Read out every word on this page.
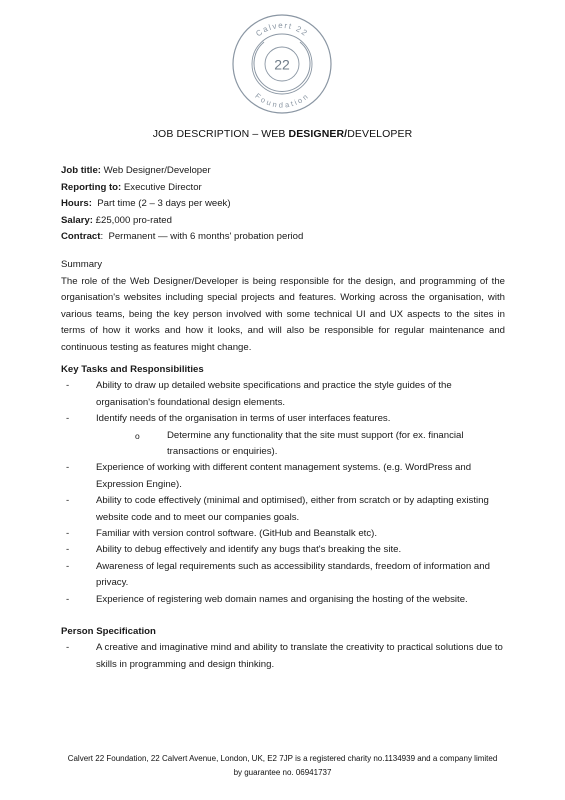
22
Calvert 22
Foundation
JOB DESCRIPTION – WEB DESIGNER/DEVELOPER
Job title: Web Designer/Developer
Reporting to: Executive Director
Hours:  Part time (2 – 3 days per week)
Salary: £25,000 pro-rated
Contract:  Permanent — with 6 months' probation period

Summary

The role of the Web Designer/Developer is being responsible for the design, and programming of the organisation's websites including special projects and features. Working across the organisation, with various teams, being the key person involved with some technical UI and UX aspects to the sites in terms of how it works and how it looks, and will also be responsible for regular maintenance and continuous testing as features might change.

Key Tasks and Responsibilities

-	Ability to draw up detailed website specifications and practice the style guides of the organisation's foundational design elements.
-	Identify needs of the organisation in terms of user interfaces features.
o	Determine any functionality that the site must support (for ex. financial transactions or enquiries).
-	Experience of working with different content management systems. (e.g. WordPress and Expression Engine).
-	Ability to code effectively (minimal and optimised), either from scratch or by adapting existing website code and to meet our companies goals.
-	Familiar with version control software. (GitHub and Beanstalk etc).
-	Ability to debug effectively and identify any bugs that's breaking the site.
-	Awareness of legal requirements such as accessibility standards, freedom of information and privacy.
-	Experience of registering web domain names and organising the hosting of the website.

Person Specification

-	A creative and imaginative mind and ability to translate the creativity to practical solutions due to skills in programming and design thinking.
Calvert 22 Foundation, 22 Calvert Avenue, London, UK, E2 7JP is a registered charity no.1134939 and a company limited
by guarantee no. 06941737
